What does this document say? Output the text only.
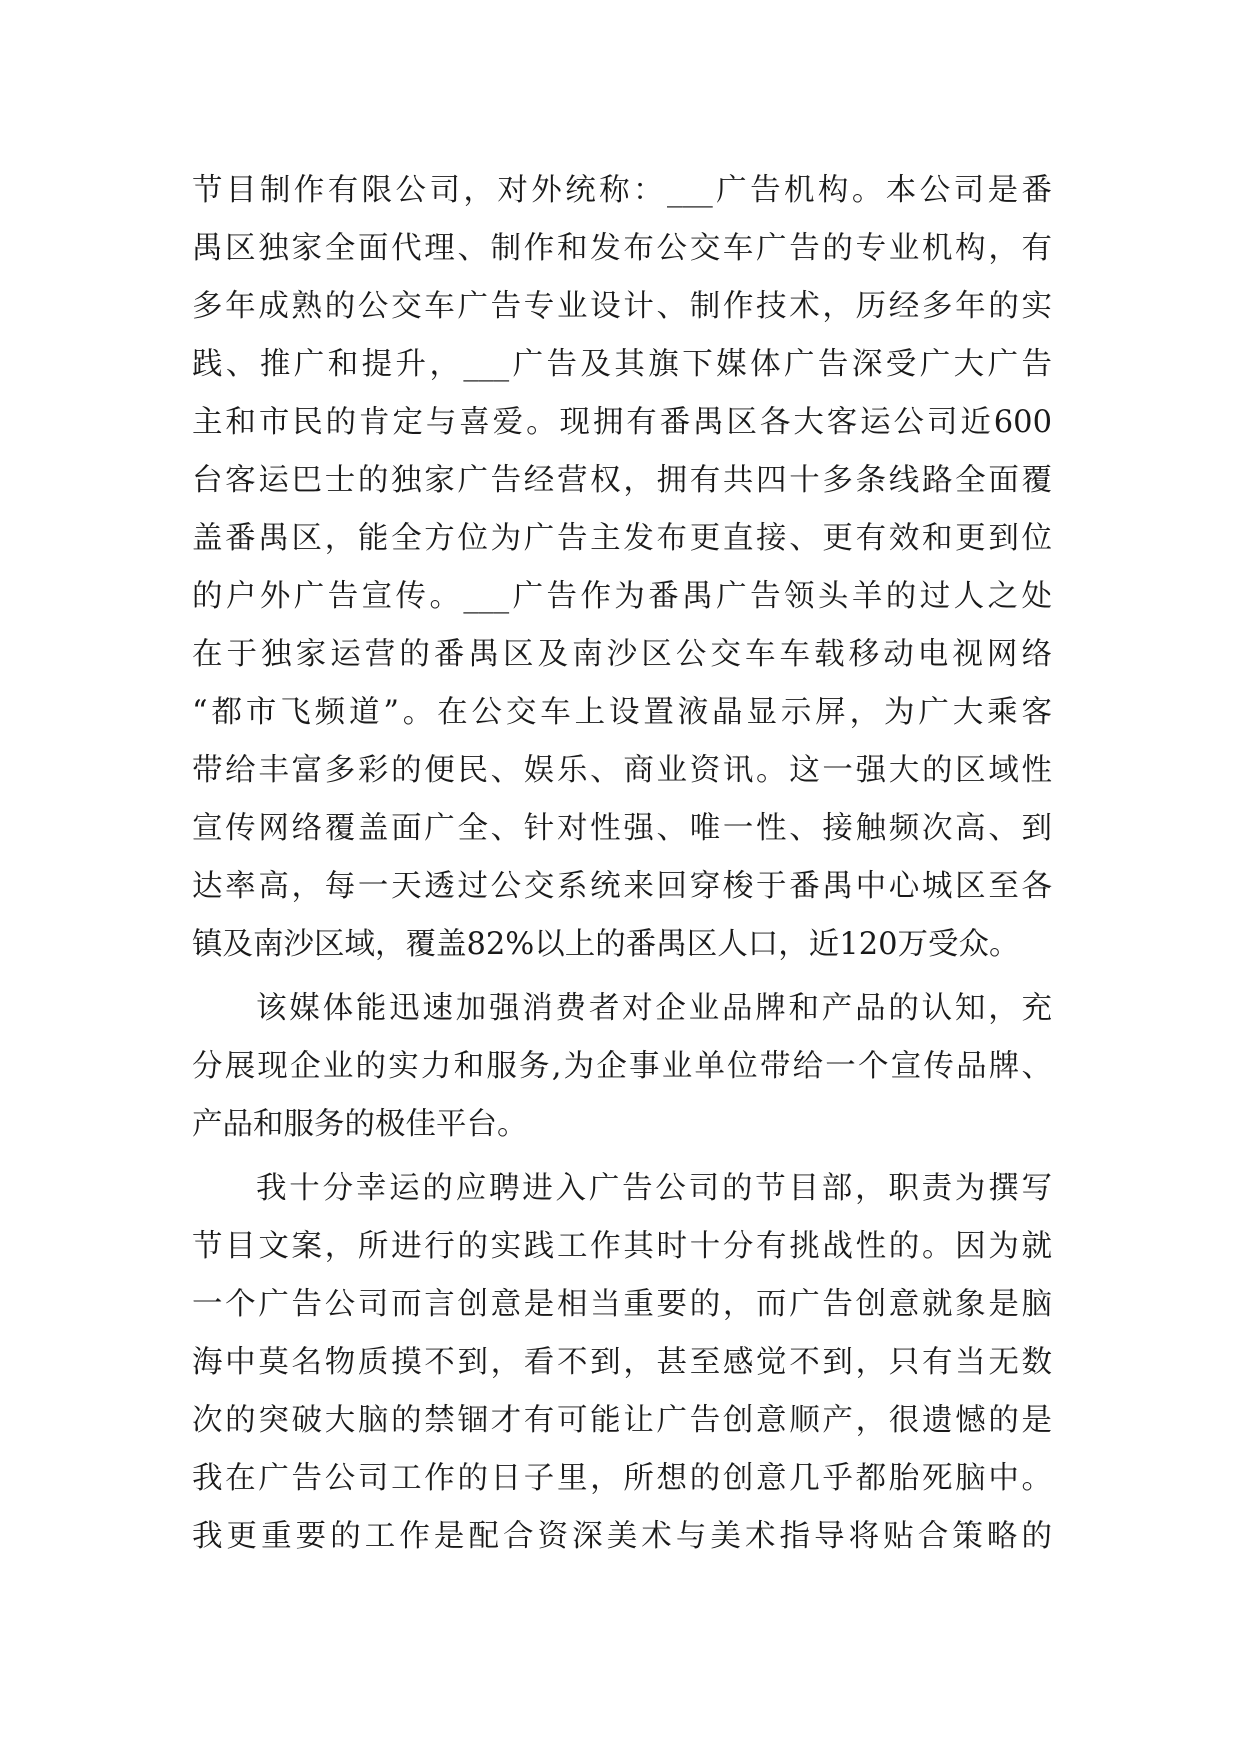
节目制作有限公司，对外统称：___广告机构。本公司是番
禺区独家全面代理、制作和发布公交车广告的专业机构，有
多年成熟的公交车广告专业设计、制作技术，历经多年的实
践、推广和提升，___广告及其旗下媒体广告深受广大广告
主和市民的肯定与喜爱。现拥有番禺区各大客运公司近600
台客运巴士的独家广告经营权，拥有共四十多条线路全面覆
盖番禺区，能全方位为广告主发布更直接、更有效和更到位
的户外广告宣传。___广告作为番禺广告领头羊的过人之处
在于独家运营的番禺区及南沙区公交车车载移动电视网络
“都市飞频道”。在公交车上设置液晶显示屏，为广大乘客
带给丰富多彩的便民、娱乐、商业资讯。这一强大的区域性
宣传网络覆盖面广全、针对性强、唯一性、接触频次高、到
达率高，每一天透过公交系统来回穿梭于番禺中心城区至各
镇及南沙区域，覆盖82%以上的番禺区人口，近120万受众。
该媒体能迅速加强消费者对企业品牌和产品的认知，充
分展现企业的实力和服务,为企事业单位带给一个宣传品牌、
产品和服务的极佳平台。
我十分幸运的应聘进入广告公司的节目部，职责为撰写
节目文案，所进行的实践工作其时十分有挑战性的。因为就
一个广告公司而言创意是相当重要的，而广告创意就象是脑
海中莫名物质摸不到，看不到，甚至感觉不到，只有当无数
次的突破大脑的禁锢才有可能让广告创意顺产，很遗憾的是
我在广告公司工作的日子里，所想的创意几乎都胎死脑中。
我更重要的工作是配合资深美术与美术指导将贴合策略的
